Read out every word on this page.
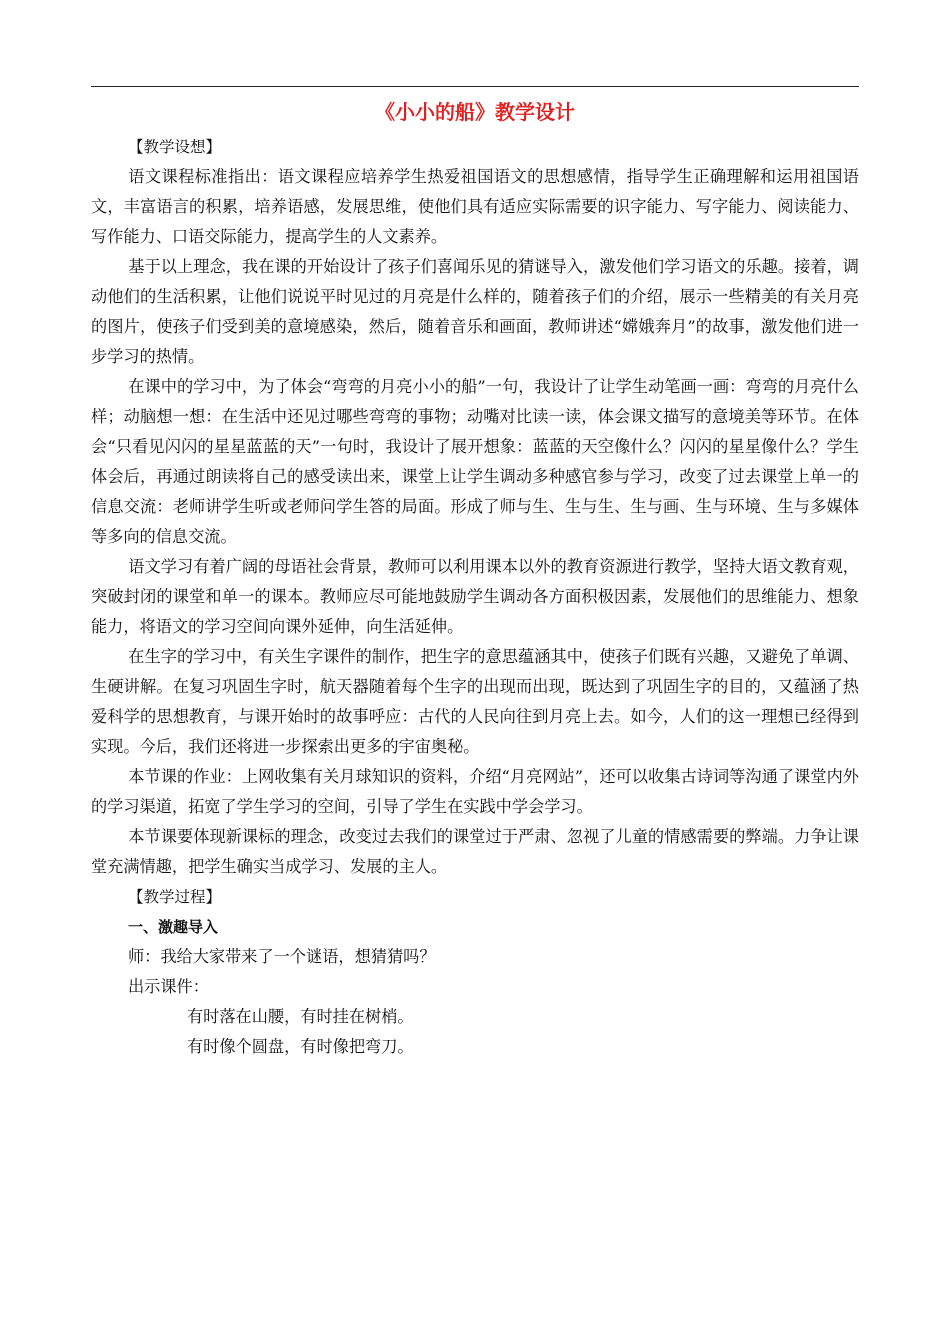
《小小的船》教学设计

【教学设想】

语文课程标准指出：语文课程应培养学生热爱祖国语文的思想感情，指导学生正确理解和运用祖国语文，丰富语言的积累，培养语感，发展思维，使他们具有适应实际需要的识字能力、写字能力、阅读能力、写作能力、口语交际能力，提高学生的人文素养。

基于以上理念，我在课的开始设计了孩子们喜闻乐见的猜谜导入，激发他们学习语文的乐趣。接着，调动他们的生活积累，让他们说说平时见过的月亮是什么样的，随着孩子们的介绍，展示一些精美的有关月亮的图片，使孩子们受到美的意境感染，然后，随着音乐和画面，教师讲述“嫦娥奔月”的故事，激发他们进一步学习的热情。

在课中的学习中，为了体会“弯弯的月亮小小的船”一句，我设计了让学生动笔画一画：弯弯的月亮什么样；动脑想一想：在生活中还见过哪些弯弯的事物；动嘴对比读一读，体会课文描写的意境美等环节。在体会“只看见闪闪的星星蓝蓝的天”一句时，我设计了展开想象：蓝蓝的天空像什么？闪闪的星星像什么？学生体会后，再通过朗读将自己的感受读出来，课堂上让学生调动多种感官参与学习，改变了过去课堂上单一的信息交流：老师讲学生听或老师问学生答的局面。形成了师与生、生与生、生与画、生与环境、生与多媒体等多向的信息交流。

语文学习有着广阔的母语社会背景，教师可以利用课本以外的教育资源进行教学，坚持大语文教育观，突破封闭的课堂和单一的课本。教师应尽可能地鼓励学生调动各方面积极因素，发展他们的思维能力、想象能力，将语文的学习空间向课外延伸，向生活延伸。

在生字的学习中，有关生字课件的制作，把生字的意思蕴涵其中，使孩子们既有兴趣，又避免了单调、生硬讲解。在复习巩固生字时，航天器随着每个生字的出现而出现，既达到了巩固生字的目的，又蕴涵了热爱科学的思想教育，与课开始时的故事呼应：古代的人民向往到月亮上去。如今，人们的这一理想已经得到实现。今后，我们还将进一步探索出更多的宇宙奥秘。

本节课的作业：上网收集有关月球知识的资料，介绍“月亮网站”，还可以收集古诗词等沟通了课堂内外的学习渠道，拓宽了学生学习的空间，引导了学生在实践中学会学习。

本节课要体现新课标的理念，改变过去我们的课堂过于严肃、忽视了儿童的情感需要的弊端。力争让课堂充满情趣，把学生确实当成学习、发展的主人。

【教学过程】

一、激趣导入

师：我给大家带来了一个谜语，想猜猜吗？

出示课件：

有时落在山腰，有时挂在树梢。

有时像个圆盘，有时像把弯刀。
